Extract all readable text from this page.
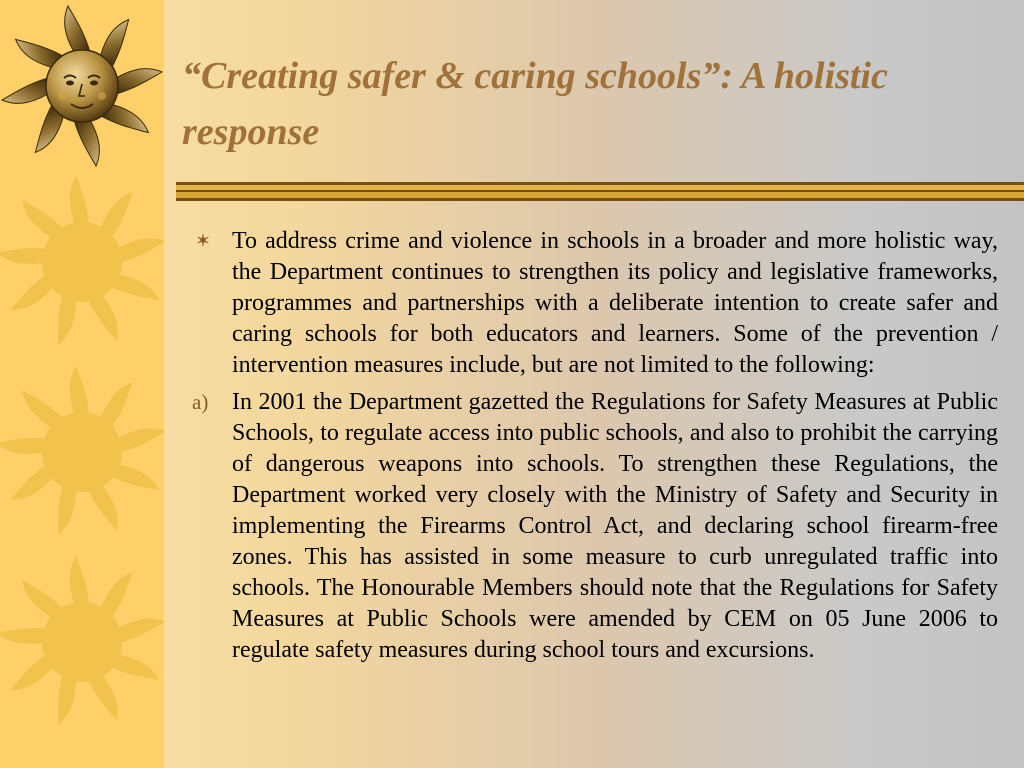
“Creating safer & caring schools”: A holistic response
✶ To address crime and violence in schools in a broader and more holistic way, the Department continues to strengthen its policy and legislative frameworks, programmes and partnerships with a deliberate intention to create safer and caring schools for both educators and learners. Some of the prevention / intervention measures include, but are not limited to the following:
a) In 2001 the Department gazetted the Regulations for Safety Measures at Public Schools, to regulate access into public schools, and also to prohibit the carrying of dangerous weapons into schools. To strengthen these Regulations, the Department worked very closely with the Ministry of Safety and Security in implementing the Firearms Control Act, and declaring school firearm-free zones. This has assisted in some measure to curb unregulated traffic into schools. The Honourable Members should note that the Regulations for Safety Measures at Public Schools were amended by CEM on 05 June 2006 to regulate safety measures during school tours and excursions.
